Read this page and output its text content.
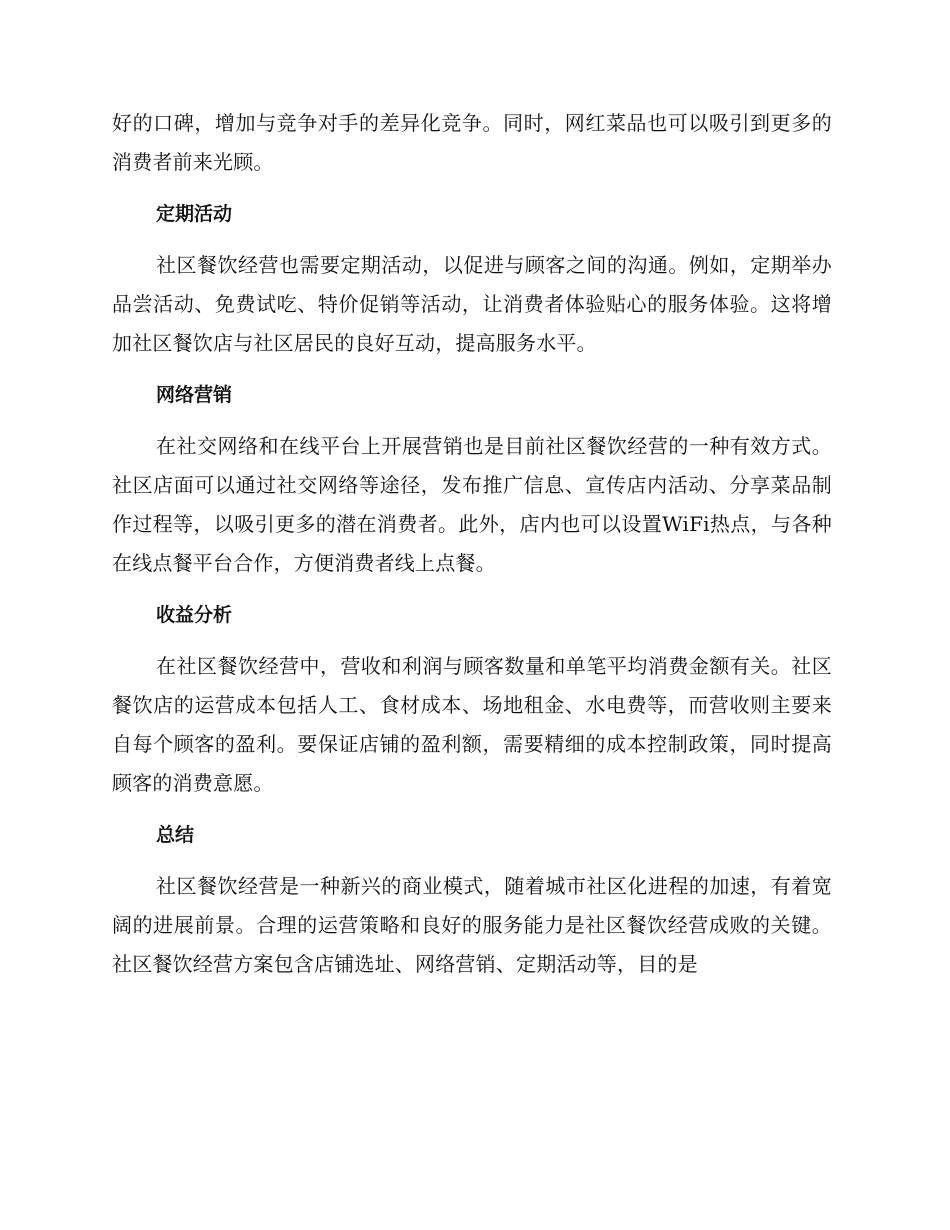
好的口碑，增加与竞争对手的差异化竞争。同时，网红菜品也可以吸引到更多的消费者前来光顾。

定期活动

社区餐饮经营也需要定期活动，以促进与顾客之间的沟通。例如，定期举办品尝活动、免费试吃、特价促销等活动，让消费者体验贴心的服务体验。这将增加社区餐饮店与社区居民的良好互动，提高服务水平。

网络营销

在社交网络和在线平台上开展营销也是目前社区餐饮经营的一种有效方式。社区店面可以通过社交网络等途径，发布推广信息、宣传店内活动、分享菜品制作过程等，以吸引更多的潜在消费者。此外，店内也可以设置WiFi热点，与各种在线点餐平台合作，方便消费者线上点餐。

收益分析

在社区餐饮经营中，营收和利润与顾客数量和单笔平均消费金额有关。社区餐饮店的运营成本包括人工、食材成本、场地租金、水电费等，而营收则主要来自每个顾客的盈利。要保证店铺的盈利额，需要精细的成本控制政策，同时提高顾客的消费意愿。

总结

社区餐饮经营是一种新兴的商业模式，随着城市社区化进程的加速，有着宽阔的进展前景。合理的运营策略和良好的服务能力是社区餐饮经营成败的关键。社区餐饮经营方案包含店铺选址、网络营销、定期活动等，目的是
